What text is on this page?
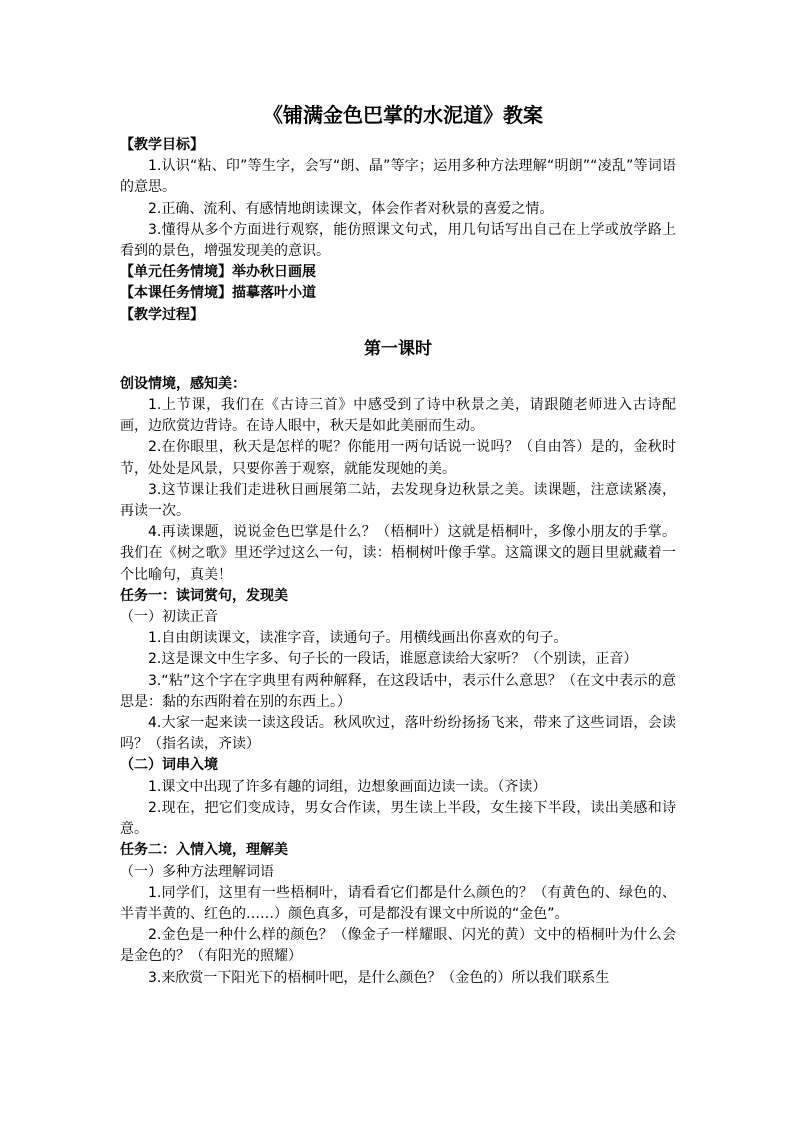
《铺满金色巴掌的水泥道》教案

【教学目标】

1.认识“粘、印”等生字，会写“朗、晶”等字；运用多种方法理解“明朗”“凌乱”等词语的意思。

2.正确、流利、有感情地朗读课文，体会作者对秋景的喜爱之情。

3.懂得从多个方面进行观察，能仿照课文句式，用几句话写出自己在上学或放学路上看到的景色，增强发现美的意识。

【单元任务情境】举办秋日画展

【本课任务情境】描摹落叶小道

【教学过程】

第一课时

创设情境，感知美：

1.上节课，我们在《古诗三首》中感受到了诗中秋景之美，请跟随老师进入古诗配画，边欣赏边背诗。在诗人眼中，秋天是如此美丽而生动。

2.在你眼里，秋天是怎样的呢？你能用一两句话说一说吗？（自由答）是的，金秋时节，处处是风景，只要你善于观察，就能发现她的美。

3.这节课让我们走进秋日画展第二站，去发现身边秋景之美。读课题，注意读紧凑，再读一次。

4.再读课题，说说金色巴掌是什么？（梧桐叶）这就是梧桐叶，多像小朋友的手掌。我们在《树之歌》里还学过这么一句，读：梧桐树叶像手掌。这篇课文的题目里就藏着一个比喻句，真美！

任务一：读词赏句，发现美

（一）初读正音

1.自由朗读课文，读准字音，读通句子。用横线画出你喜欢的句子。

2.这是课文中生字多、句子长的一段话，谁愿意读给大家听？（个别读，正音）

3.“粘”这个字在字典里有两种解释，在这段话中，表示什么意思？（在文中表示的意思是：黏的东西附着在别的东西上。）

4.大家一起来读一读这段话。秋风吹过，落叶纷纷扬扬飞来，带来了这些词语，会读吗？（指名读，齐读）

（二）词串入境

1.课文中出现了许多有趣的词组，边想象画面边读一读。（齐读）

2.现在，把它们变成诗，男女合作读，男生读上半段，女生接下半段，读出美感和诗意。

任务二：入情入境，理解美

（一）多种方法理解词语

1.同学们，这里有一些梧桐叶，请看看它们都是什么颜色的？（有黄色的、绿色的、半青半黄的、红色的……）颜色真多，可是都没有课文中所说的“金色”。

2.金色是一种什么样的颜色？（像金子一样耀眼、闪光的黄）文中的梧桐叶为什么会是金色的？（有阳光的照耀）

3.来欣赏一下阳光下的梧桐叶吧，是什么颜色？（金色的）所以我们联系生
